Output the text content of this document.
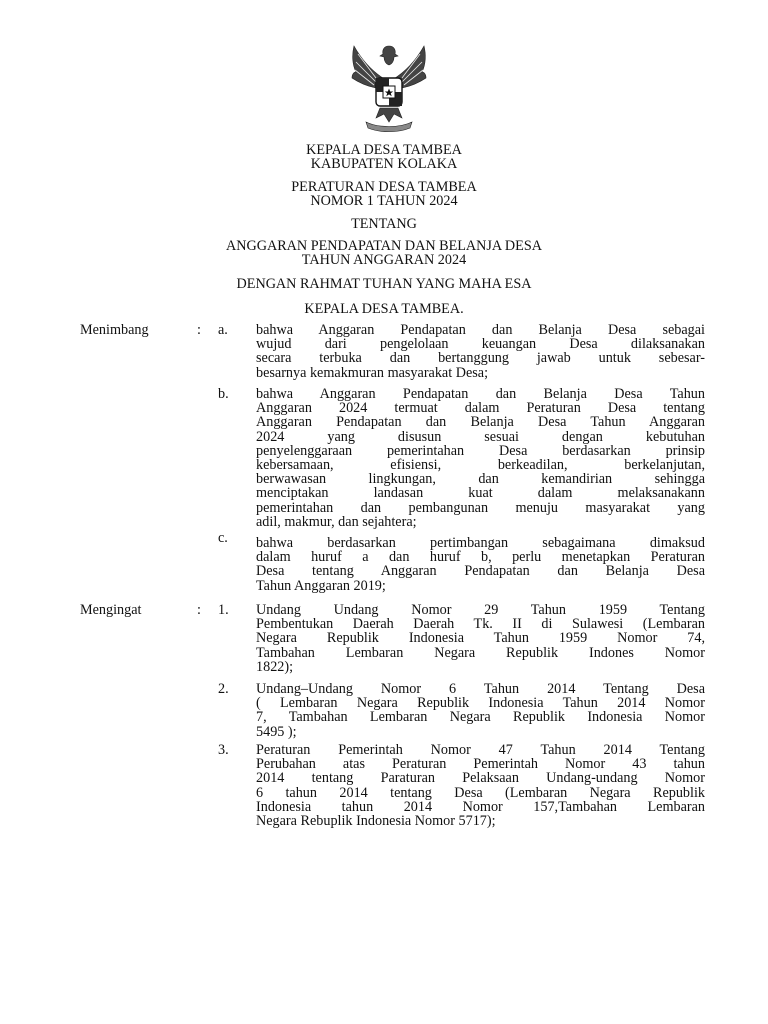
KEPALA DESA TAMBEA
KABUPATEN KOLAKA
PERATURAN DESA TAMBEA
NOMOR 1 TAHUN 2024
TENTANG
ANGGARAN PENDAPATAN DAN BELANJA DESA
TAHUN ANGGARAN 2024
DENGAN RAHMAT TUHAN YANG MAHA ESA
KEPALA DESA TAMBEA.
Menimbang	: a.	bahwa Anggaran Pendapatan dan Belanja Desa sebagai
wujud dari pengelolaan keuangan Desa dilaksanakan
secara terbuka dan bertanggung jawab untuk sebesar-
besarnya kemakmuran masyarakat Desa;
b.	bahwa Anggaran Pendapatan dan Belanja Desa Tahun
Anggaran 2024 termuat dalam Peraturan Desa tentang
Anggaran Pendapatan dan Belanja Desa Tahun Anggaran
2024 yang disusun sesuai dengan kebutuhan
penyelenggaraan pemerintahan Desa berdasarkan prinsip
kebersamaan, efisiensi, berkeadilan, berkelanjutan,
berwawasan lingkungan, dan kemandirian sehingga
menciptakan landasan kuat dalam melaksanakann
pemerintahan dan pembangunan menuju masyarakat yang
adil, makmur, dan sejahtera;
c.	bahwa berdasarkan pertimbangan sebagaimana dimaksud
dalam huruf a dan huruf b, perlu menetapkan Peraturan
Desa tentang Anggaran Pendapatan dan Belanja Desa
Tahun Anggaran 2019;
Mengingat	: 1.	Undang Undang Nomor 29 Tahun 1959 Tentang
Pembentukan Daerah Daerah Tk. II di Sulawesi (Lembaran
Negara Republik Indonesia Tahun 1959 Nomor 74,
Tambahan Lembaran Negara Republik Indones Nomor
1822);
2.	Undang–Undang Nomor 6 Tahun 2014 Tentang Desa
( Lembaran Negara Republik Indonesia Tahun 2014 Nomor
7, Tambahan Lembaran Negara Republik Indonesia Nomor
5495 );
3.	Peraturan Pemerintah Nomor 47 Tahun 2014 Tentang
Perubahan atas Peraturan Pemerintah Nomor 43 tahun
2014 tentang Paraturan Pelaksaan Undang-undang Nomor
6 tahun 2014 tentang Desa (Lembaran Negara Republik
Indonesia tahun 2014 Nomor 157,Tambahan Lembaran
Negara Rebuplik Indonesia Nomor 5717);
